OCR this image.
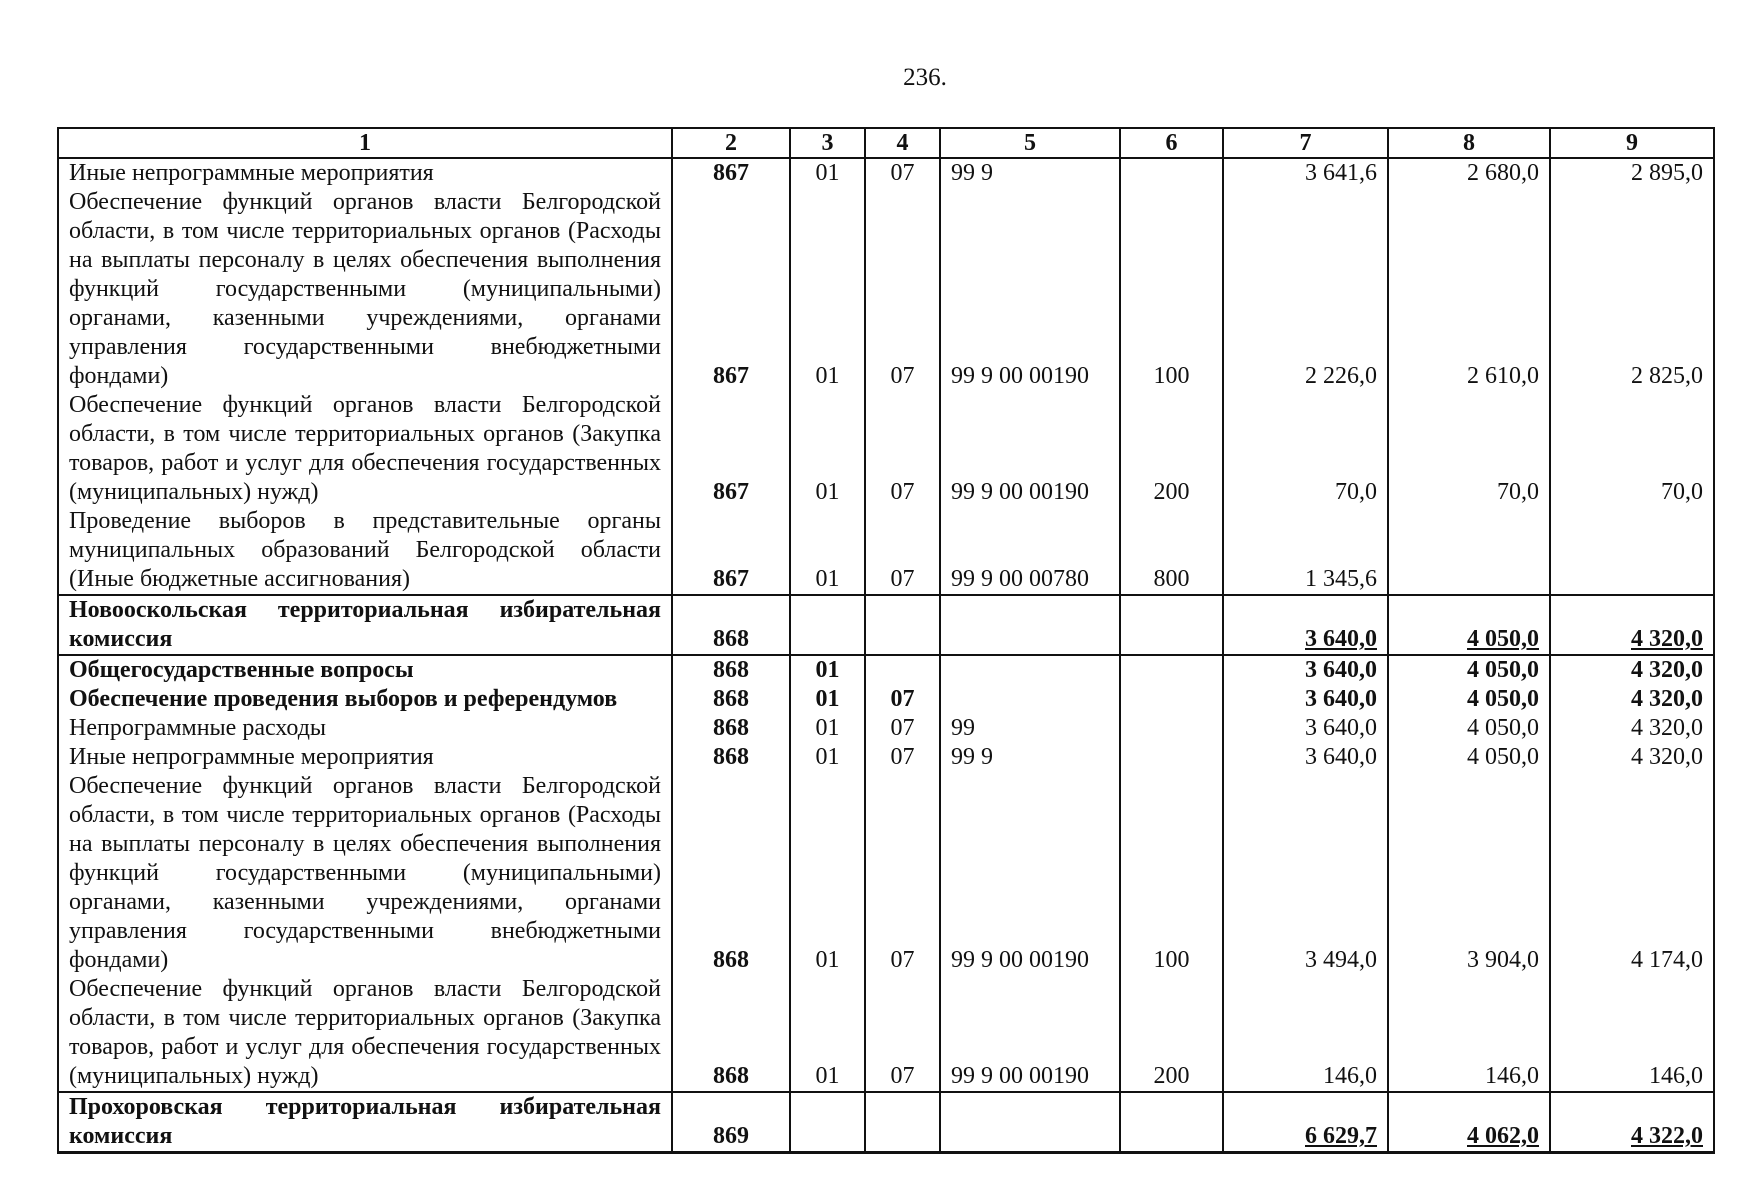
236.
1	2	3	4	5	6	7	8	9
Иные непрограммные мероприятия	867	01	07	99 9		3 641,6	2 680,0	2 895,0
Обеспечение функций органов власти Белгородской области, в том числе территориальных органов (Расходы на выплаты персоналу в целях обеспечения выполнения функций государственными (муниципальными) органами, казенными учреждениями, органами управления государственными внебюджетными фондами)	867	01	07	99 9 00 00190	100	2 226,0	2 610,0	2 825,0
Обеспечение функций органов власти Белгородской области, в том числе территориальных органов (Закупка товаров, работ и услуг для обеспечения государственных (муниципальных) нужд)	867	01	07	99 9 00 00190	200	70,0	70,0	70,0
Проведение выборов в представительные органы муниципальных образований Белгородской области (Иные бюджетные ассигнования)	867	01	07	99 9 00 00780	800	1 345,6		
Новооскольская территориальная избирательная комиссия	868					3 640,0	4 050,0	4 320,0
Общегосударственные вопросы	868	01				3 640,0	4 050,0	4 320,0
Обеспечение проведения выборов и референдумов	868	01	07			3 640,0	4 050,0	4 320,0
Непрограммные расходы	868	01	07	99		3 640,0	4 050,0	4 320,0
Иные непрограммные мероприятия	868	01	07	99 9		3 640,0	4 050,0	4 320,0
Обеспечение функций органов власти Белгородской области, в том числе территориальных органов (Расходы на выплаты персоналу в целях обеспечения выполнения функций государственными (муниципальными) органами, казенными учреждениями, органами управления государственными внебюджетными фондами)	868	01	07	99 9 00 00190	100	3 494,0	3 904,0	4 174,0
Обеспечение функций органов власти Белгородской области, в том числе территориальных органов (Закупка товаров, работ и услуг для обеспечения государственных (муниципальных) нужд)	868	01	07	99 9 00 00190	200	146,0	146,0	146,0
Прохоровская территориальная избирательная комиссия	869					6 629,7	4 062,0	4 322,0
